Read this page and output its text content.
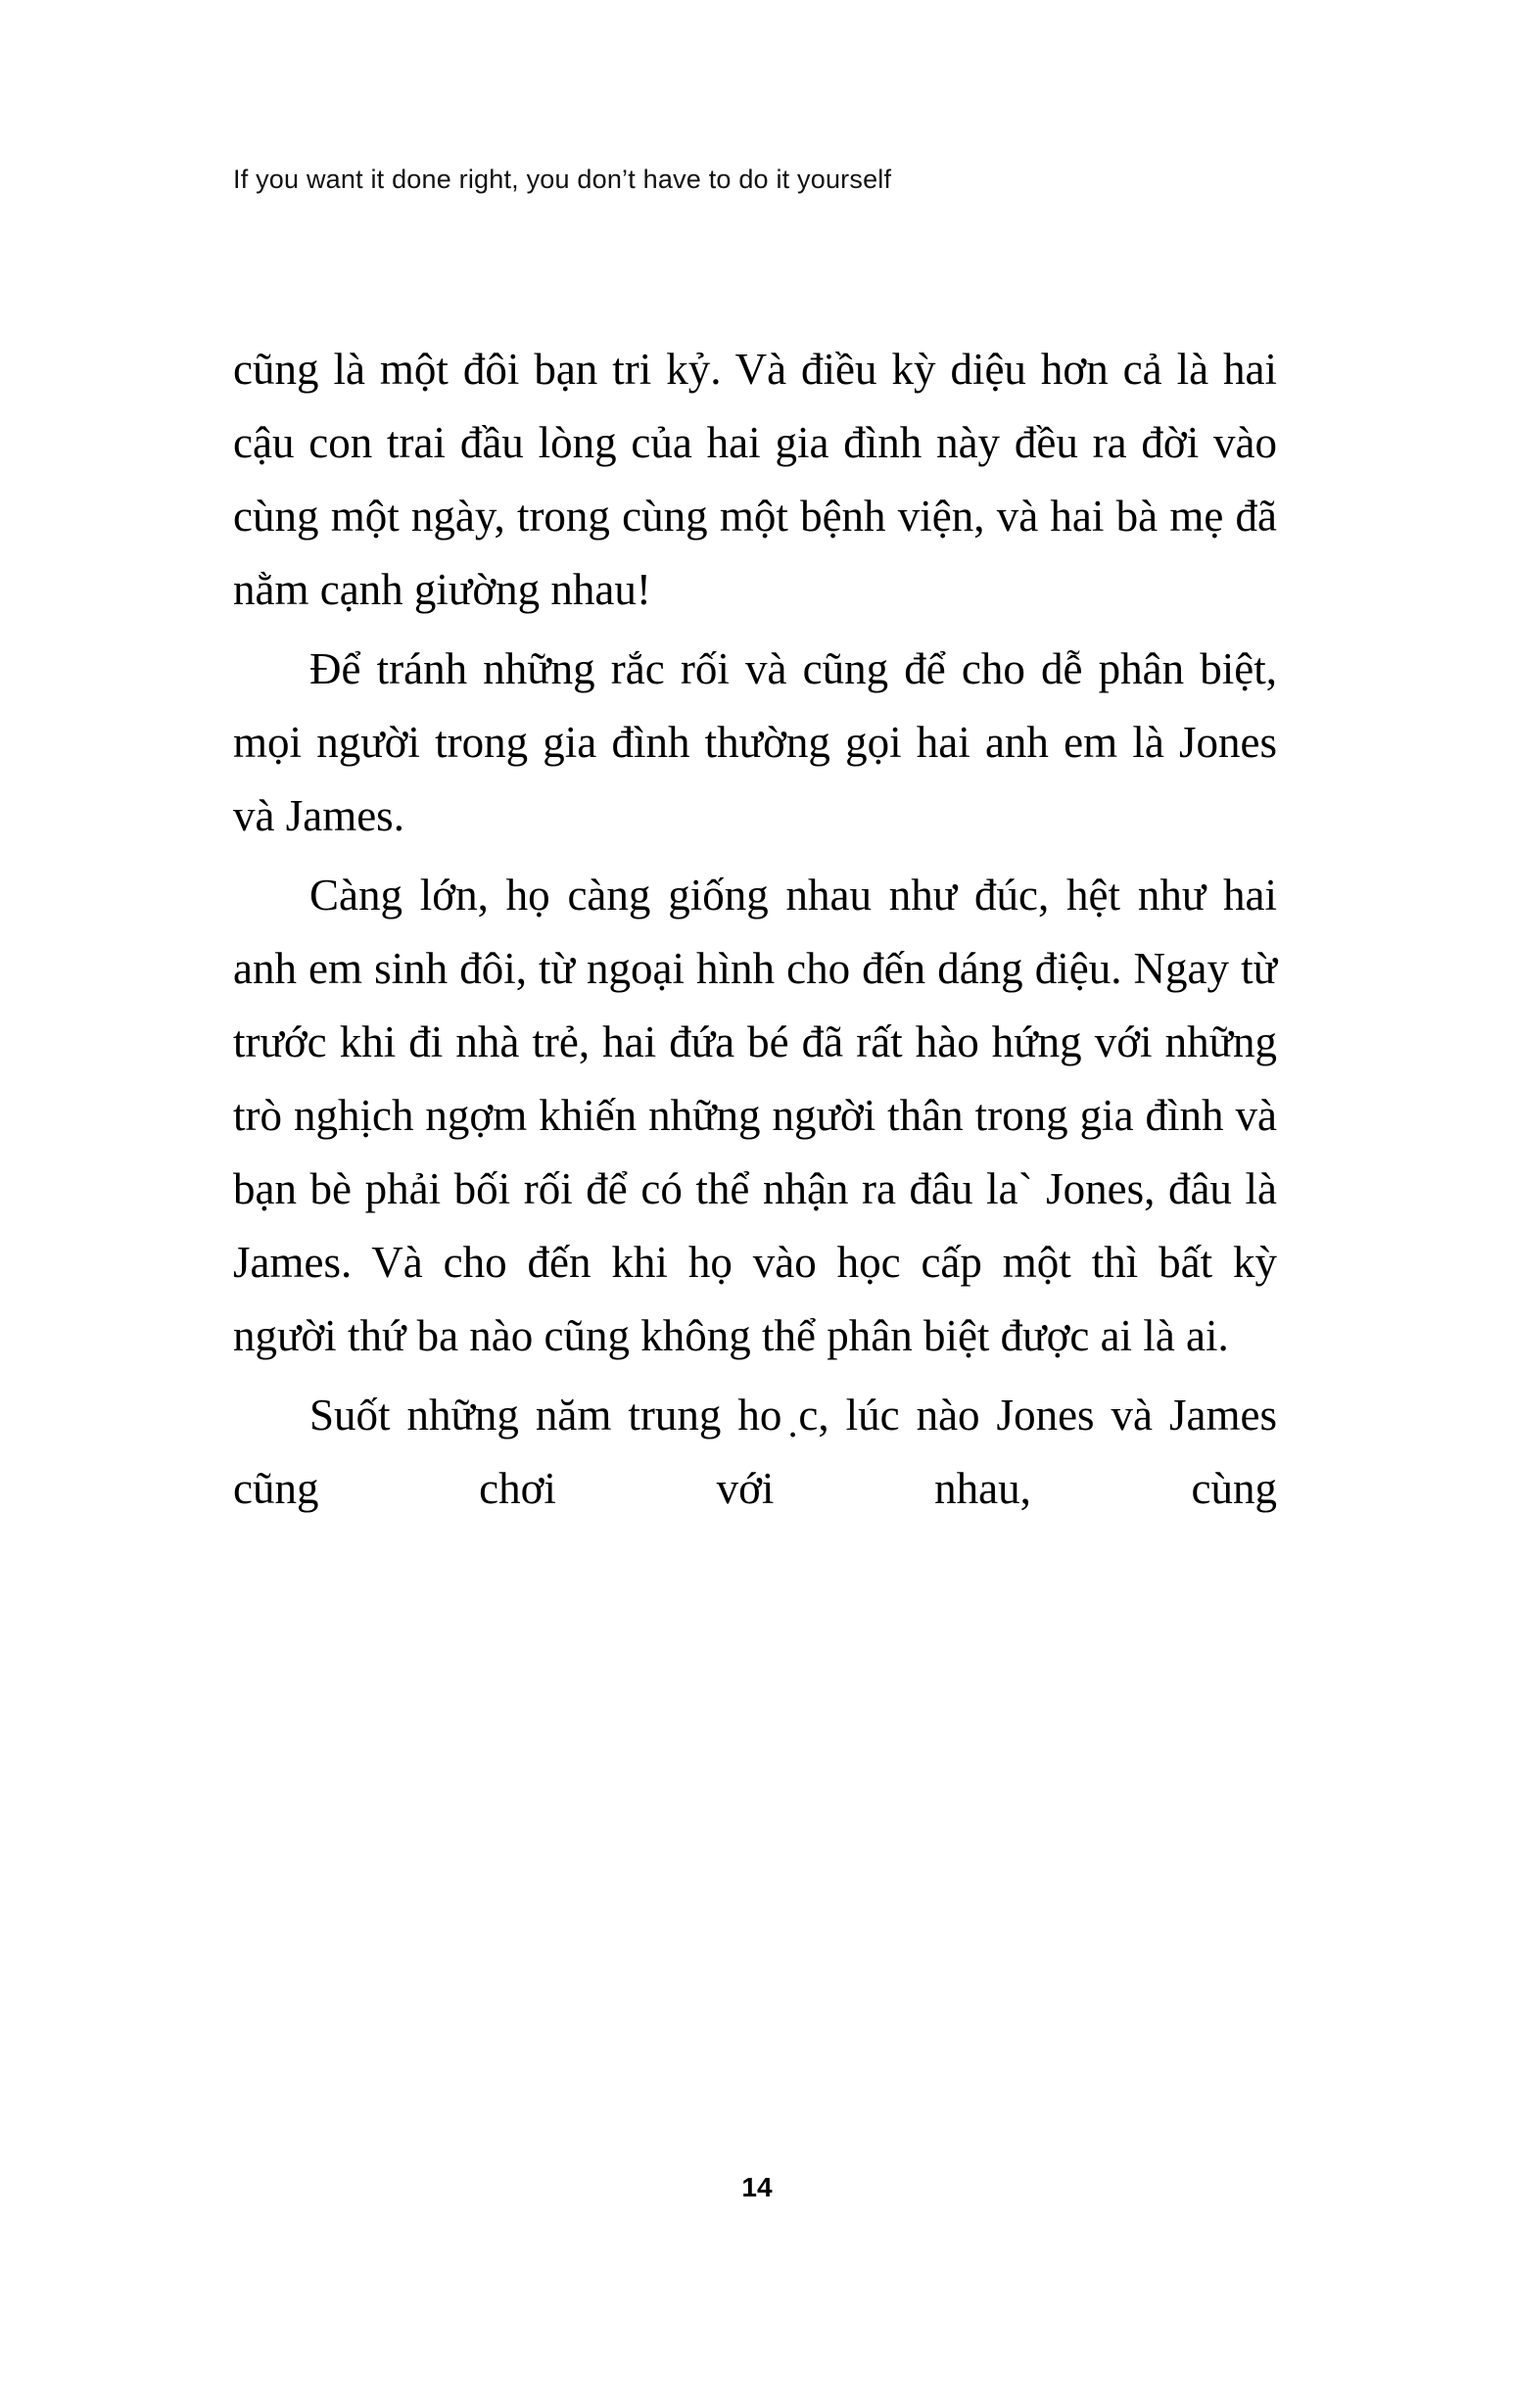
If you want it done right, you don’t have to do it yourself

cũng là một đôi bạn tri kỷ. Và điều kỳ diệu hơn cả là hai cậu con trai đầu lòng của hai gia đình này đều ra đời vào cùng một ngày, trong cùng một bệnh viện, và hai bà mẹ đã nằm cạnh giường nhau!

Để tránh những rắc rối và cũng để cho dễ phân biệt, mọi người trong gia đình thường gọi hai anh em là Jones và James.

Càng lớn, họ càng giống nhau như đúc, hệt như hai anh em sinh đôi, từ ngoại hình cho đến dáng điệu. Ngay từ trước khi đi nhà trẻ, hai đứa bé đã rất hào hứng với những trò nghịch ngợm khiến những người thân trong gia đình và bạn bè phải bối rối để có thể nhận ra đâu la` Jones, đâu là James. Và cho đến khi họ vào học cấp một thì bất kỳ người thứ ba nào cũng không thể phân biệt được ai là ai.

Suốt những năm trung ho ̣c, lúc nào Jones và James cũng chơi với nhau, cùng

14
